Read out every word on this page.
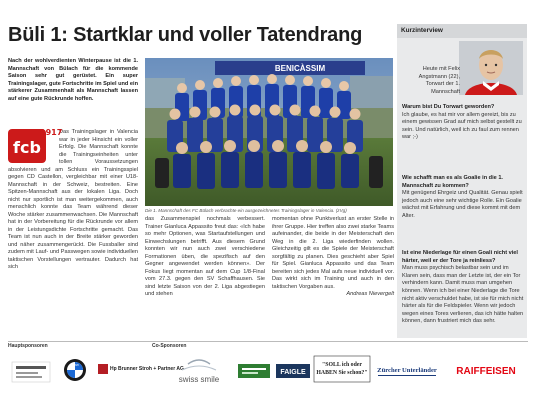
Büli 1: Startklar und voller Tatendrang

Nach der wohlverdienten Winterpause ist die 1. Mannschaft von Bülach für die kommende Saison sehr gut gerüstet. Ein super Trainingslager, gute Fortschritte im Spiel und ein stärkerer Zusammenhalt als Mannschaft lassen auf eine gute Rückrunde hoffen.

fcb
1917

Das Trainingslager in Valencia war in jeder Hinsicht ein voller Erfolg. Die Mannschaft konnte die Trainingseinheiten unter tollen Voraussetzungen absolvieren und am Schluss ein Trainingsspiel gegen CD Castellon, vergleichbar mit einer U18-Mannschaft in der Schweiz, bestreiten. Eine Spitzen-Mannschaft aus der lokalen Liga. Doch nicht nur sportlich ist man weitergekommen, auch menschlich konnte das Team während dieser Woche stärker zusammenwachsen. Die Mannschaft hat in der Vorbereitung für die Rückrunde vor allem in der Leistungsdichte Fortschritte gemacht. Das Team ist nun auch in der Breite stärker geworden und näher zusammengerückt. Die Fussballer sind zudem mit Lauf- und Passwegen sowie individuellen taktischen Vorstellungen vertrauter. Dadurch hat sich

BENICÀSSIM
Die 1. Mannschaft des FC Bülach verbrachte ein ausgezeichnetes Trainingslager in Valencia. (zVg)

das Zusammenspiel nochmals verbessert. Trainer Gianluca Appassito freut das: «Ich habe so mehr Optionen, was Startaufstellungen und Einwechslungen betrifft. Aus diesem Grund konnten wir nun auch zwei verschiedene Formationen üben, die spezifisch auf den Gegner angewendet werden können». Der Fokus liegt momentan auf dem Cup 1/8-Final vom 27.3. gegen den SV Schaffhausen. Sie sind letzte Saison von der 2. Liga abgestiegen und stehen

momentan ohne Punktverlust an erster Stelle in ihrer Gruppe. Hier treffen also zwei starke Teams aufeinander, die beide in der Meisterschaft den Weg in die 2. Liga wiederfinden wollen. Gleichzeitig gilt es die Spiele der Meisterschaft sorgfältig zu planen. Dies geschieht aber Spiel für Spiel. Gianluca Appassito und das Team bereiten sich jedes Mal aufs neue individuell vor. Das wirkt sich im Training und auch in den taktischen Vorgaben aus.

Andreas Nievergelt

Kurzinterview
Heute mit Felix Angstmann (22), Torwart der 1. Mannschaft

Warum bist Du Torwart geworden?

Ich glaube, es hat mir vor allem gereizt, bis zu einem gewissen Grad auf mich selbst gestellt zu sein. Und natürlich, weil ich zu faul zum rennen war ;-)

Wie schafft man es als Goalie in die 1. Mannschaft zu kommen?

Mit genügend Ehrgeiz und Qualität. Genau spielt jedoch auch eine sehr wichtige Rolle. Ein Goalie wächst mit Erfahrung und diese kommt mit dem Alter.

Ist eine Niederlage für einen Goali nicht viel härter, weil er der Tore ja reinliess?

Man muss psychisch belastbar sein und im Klaren sein, dass man der Letzte ist, der ein Tor verhindern kann. Damit muss man umgehen können. Wenn ich bei einer Niederlage die Tore nicht aktiv verschuldet habe, ist sie für mich nicht härter als für die Feldspieler. Wenn wir jedoch wegen eines Tores verlieren, das ich hätte halten können, dann frustriert mich das sehr.

Hauptsponsoren	Co-Sponsoren
BMW
Hp Brunner Stroh + Partner AG
swiss smile
FAIGLE
"SOLL ich oder
HABEN Sie schon?" Zürcher Unterländer RAIFFEISEN
